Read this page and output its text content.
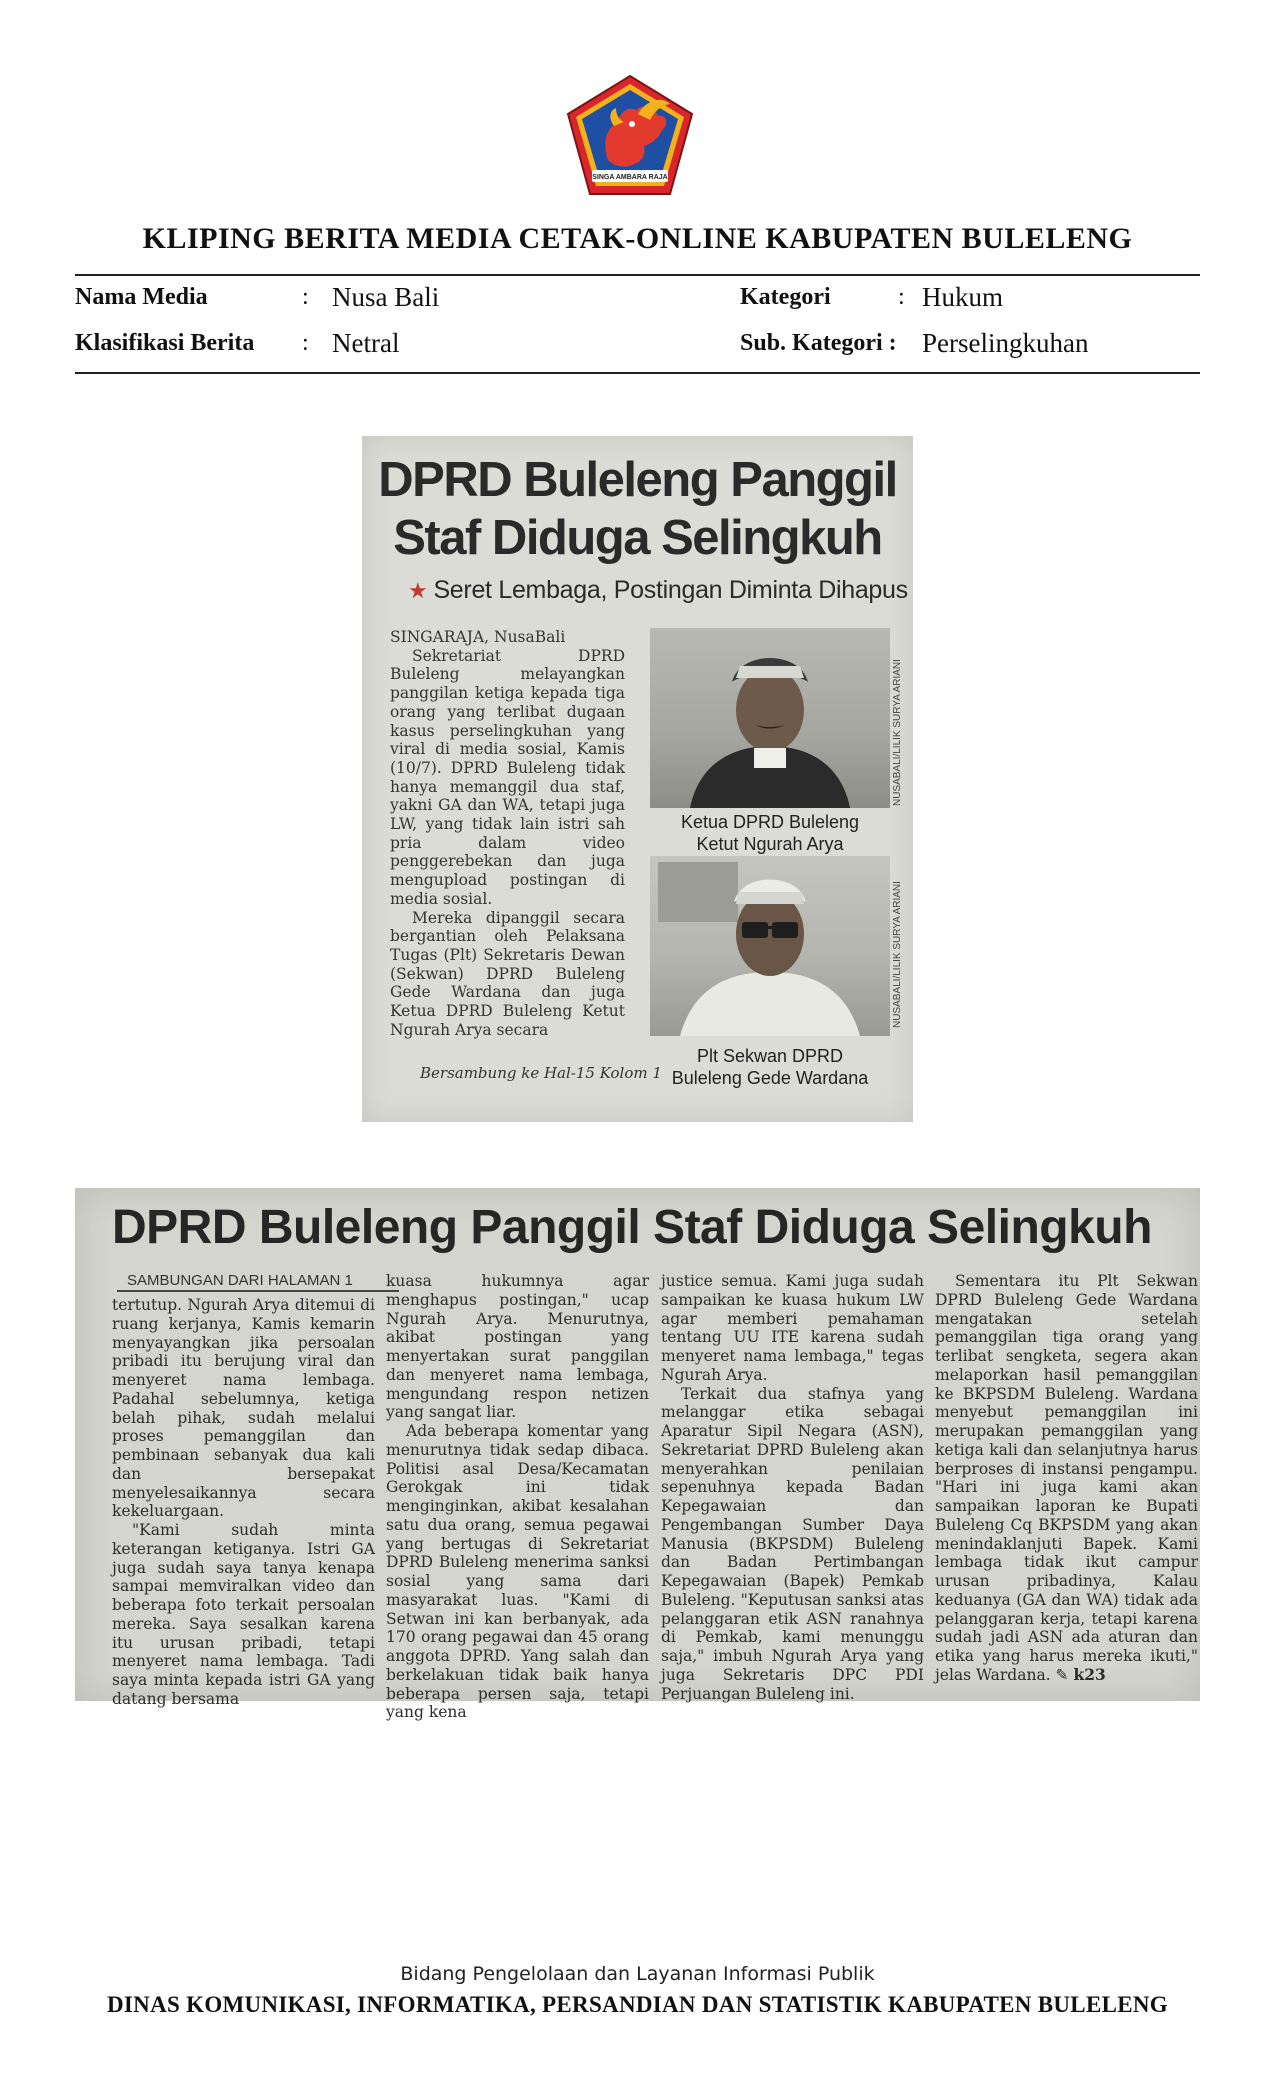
SINGA AMBARA RAJA
KLIPING BERITA MEDIA CETAK-ONLINE KABUPATEN BULELENG
Nama Media	: Nusa Bali	Kategori	: Hukum
Klasifikasi Berita : Netral	Sub. Kategori : Perselingkuhan
DPRD Buleleng Panggil
Staf Diduga Selingkuh
★ Seret Lembaga, Postingan Diminta Dihapus

SINGARAJA, NusaBali

Sekretariat DPRD Buleleng melayangkan panggilan ketiga kepada tiga orang yang terlibat dugaan kasus perselingkuhan yang viral di media sosial, Kamis (10/7). DPRD Buleleng tidak hanya memanggil dua staf, yakni GA dan WA, tetapi juga LW, yang tidak lain istri sah pria dalam video penggerebekan dan juga mengupload postingan di media sosial.

Mereka dipanggil secara bergantian oleh Pelaksana Tugas (Plt) Sekretaris Dewan (Sekwan) DPRD Buleleng Gede Wardana dan juga Ketua DPRD Buleleng Ketut Ngurah Arya secara

Bersambung ke Hal-15 Kolom 1
NUSABALI/LILIK SURYA ARIANI
Ketua DPRD Buleleng
Ketut Ngurah Arya
NUSABALI/LILIK SURYA ARIANI
Plt Sekwan DPRD
Buleleng Gede Wardana
DPRD Buleleng Panggil Staf Diduga Selingkuh
SAMBUNGAN DARI HALAMAN 1

tertutup. Ngurah Arya ditemui di ruang kerjanya, Kamis kemarin menyayangkan jika persoalan pribadi itu berujung viral dan menyeret nama lembaga. Padahal sebelumnya, ketiga belah pihak, sudah melalui proses pemanggilan dan pembinaan sebanyak dua kali dan bersepakat menyelesaikannya secara kekeluargaan.

"Kami sudah minta keterangan ketiganya. Istri GA juga sudah saya tanya kenapa sampai memviralkan video dan beberapa foto terkait persoalan mereka. Saya sesalkan karena itu urusan pribadi, tetapi menyeret nama lembaga. Tadi saya minta kepada istri GA yang datang bersama

kuasa hukumnya agar menghapus postingan," ucap Ngurah Arya. Menurutnya, akibat postingan yang menyertakan surat panggilan dan menyeret nama lembaga, mengundang respon netizen yang sangat liar.

Ada beberapa komentar yang menurutnya tidak sedap dibaca. Politisi asal Desa/Kecamatan Gerokgak ini tidak menginginkan, akibat kesalahan satu dua orang, semua pegawai yang bertugas di Sekretariat DPRD Buleleng menerima sanksi sosial yang sama dari masyarakat luas. "Kami di Setwan ini kan berbanyak, ada 170 orang pegawai dan 45 orang anggota DPRD. Yang salah dan berkelakuan tidak baik hanya beberapa persen saja, tetapi yang kena

justice semua. Kami juga sudah sampaikan ke kuasa hukum LW agar memberi pemahaman tentang UU ITE karena sudah menyeret nama lembaga," tegas Ngurah Arya.

Terkait dua stafnya yang melanggar etika sebagai Aparatur Sipil Negara (ASN), Sekretariat DPRD Buleleng akan menyerahkan penilaian sepenuhnya kepada Badan Kepegawaian dan Pengembangan Sumber Daya Manusia (BKPSDM) Buleleng dan Badan Pertimbangan Kepegawaian (Bapek) Pemkab Buleleng. "Keputusan sanksi atas pelanggaran etik ASN ranahnya di Pemkab, kami menunggu saja," imbuh Ngurah Arya yang juga Sekretaris DPC PDI Perjuangan Buleleng ini.

Sementara itu Plt Sekwan DPRD Buleleng Gede Wardana mengatakan setelah pemanggilan tiga orang yang terlibat sengketa, segera akan melaporkan hasil pemanggilan ke BKPSDM Buleleng. Wardana menyebut pemanggilan ini merupakan pemanggilan yang ketiga kali dan selanjutnya harus berproses di instansi pengampu. "Hari ini juga kami akan sampaikan laporan ke Bupati Buleleng Cq BKPSDM yang akan menindaklanjuti Bapek. Kami lembaga tidak ikut campur urusan pribadinya, Kalau keduanya (GA dan WA) tidak ada pelanggaran kerja, tetapi karena sudah jadi ASN ada aturan dan etika yang harus mereka ikuti," jelas Wardana. ✎ k23

Bidang Pengelolaan dan Layanan Informasi Publik
DINAS KOMUNIKASI, INFORMATIKA, PERSANDIAN DAN STATISTIK KABUPATEN BULELENG
